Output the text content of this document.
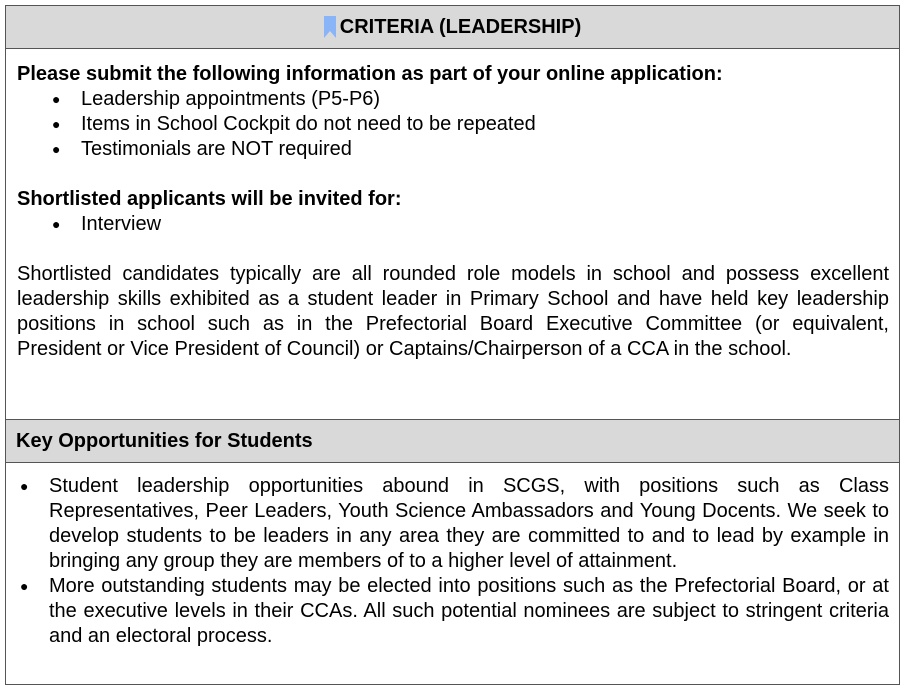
CRITERIA (LEADERSHIP)
Please submit the following information as part of your online application:
● Leadership appointments (P5-P6)
● Items in School Cockpit do not need to be repeated
● Testimonials are NOT required
Shortlisted applicants will be invited for:
● Interview
Shortlisted candidates typically are all rounded role models in school and possess excellent leadership skills exhibited as a student leader in Primary School and have held key leadership positions in school such as in the Prefectorial Board Executive Committee (or equivalent, President or Vice President of Council) or Captains/Chairperson of a CCA in the school.
Key Opportunities for Students
● Student leadership opportunities abound in SCGS, with positions such as Class Representatives, Peer Leaders, Youth Science Ambassadors and Young Docents. We seek to develop students to be leaders in any area they are committed to and to lead by example in bringing any group they are members of to a higher level of attainment.
● More outstanding students may be elected into positions such as the Prefectorial Board, or at the executive levels in their CCAs. All such potential nominees are subject to stringent criteria and an electoral process.
